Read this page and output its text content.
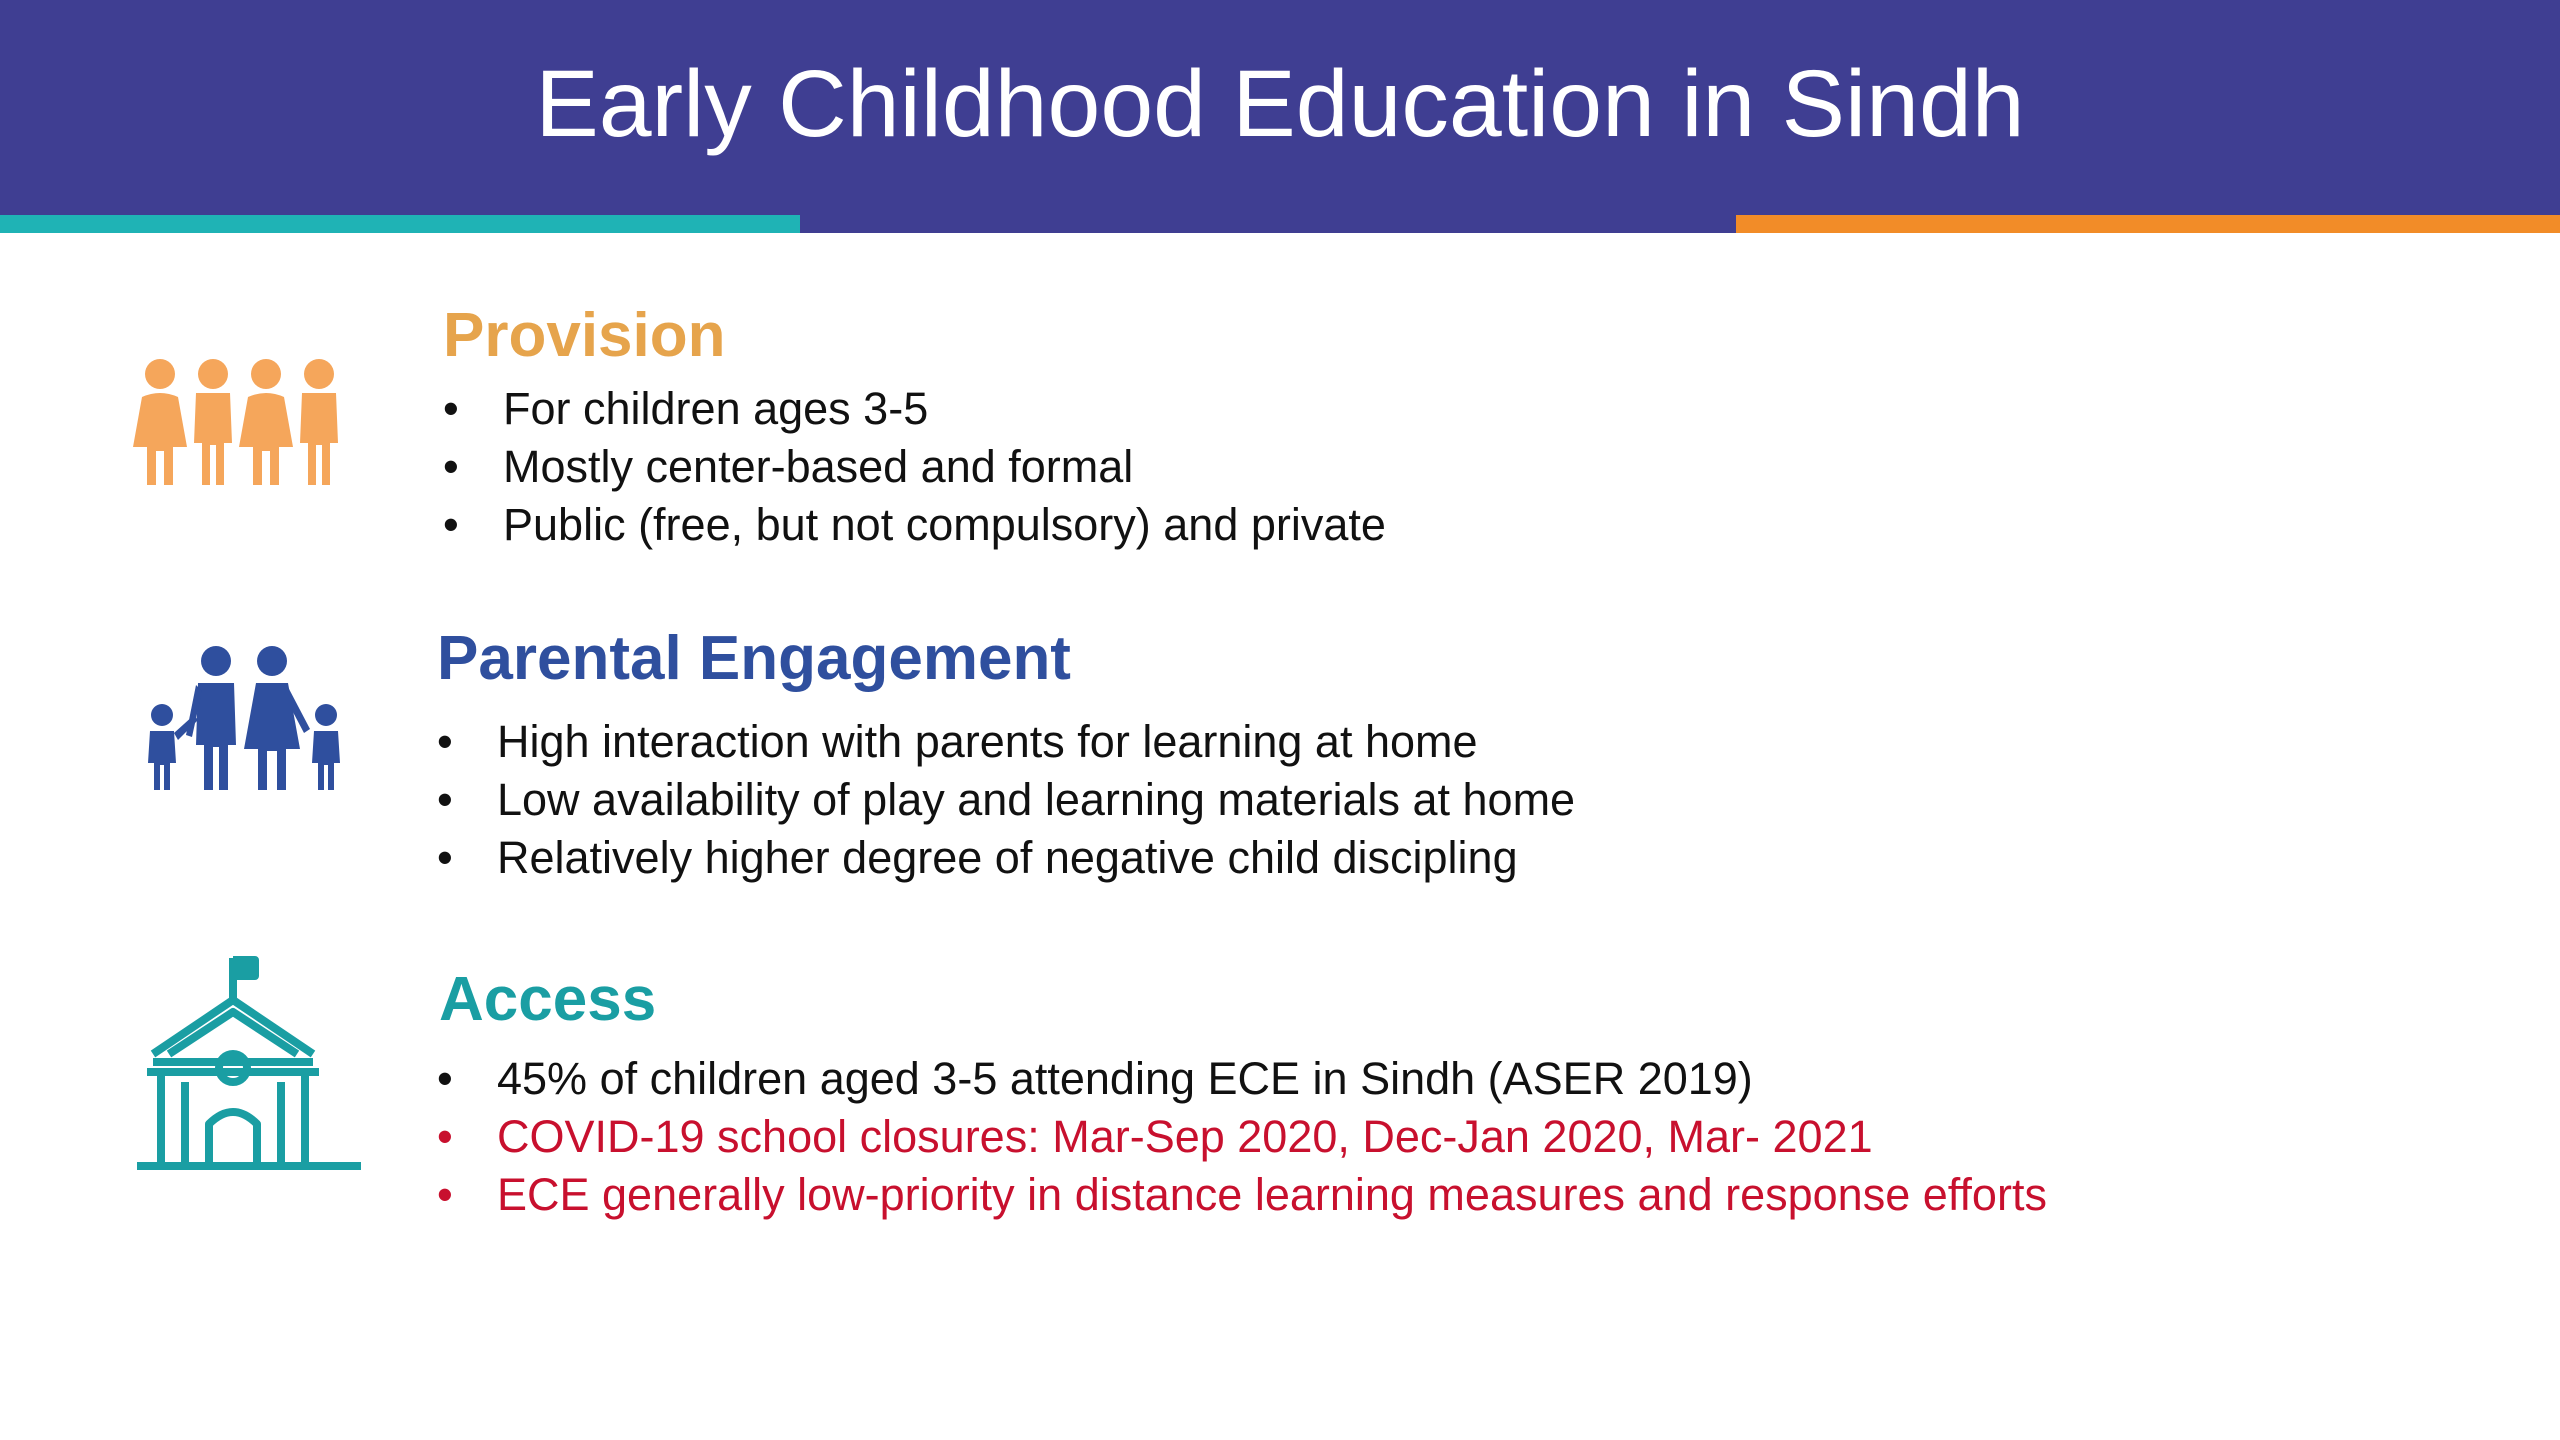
Early Childhood Education in Sindh
Provision
• For children ages 3-5
• Mostly center-based and formal
• Public (free, but not compulsory) and private
Parental Engagement
• High interaction with parents for learning at home
• Low availability of play and learning materials at home
• Relatively higher degree of negative child discipling
Access
• 45% of children aged 3-5 attending ECE in Sindh (ASER 2019)
• COVID-19 school closures: Mar-Sep 2020, Dec-Jan 2020, Mar- 2021
• ECE generally low-priority in distance learning measures and response efforts
